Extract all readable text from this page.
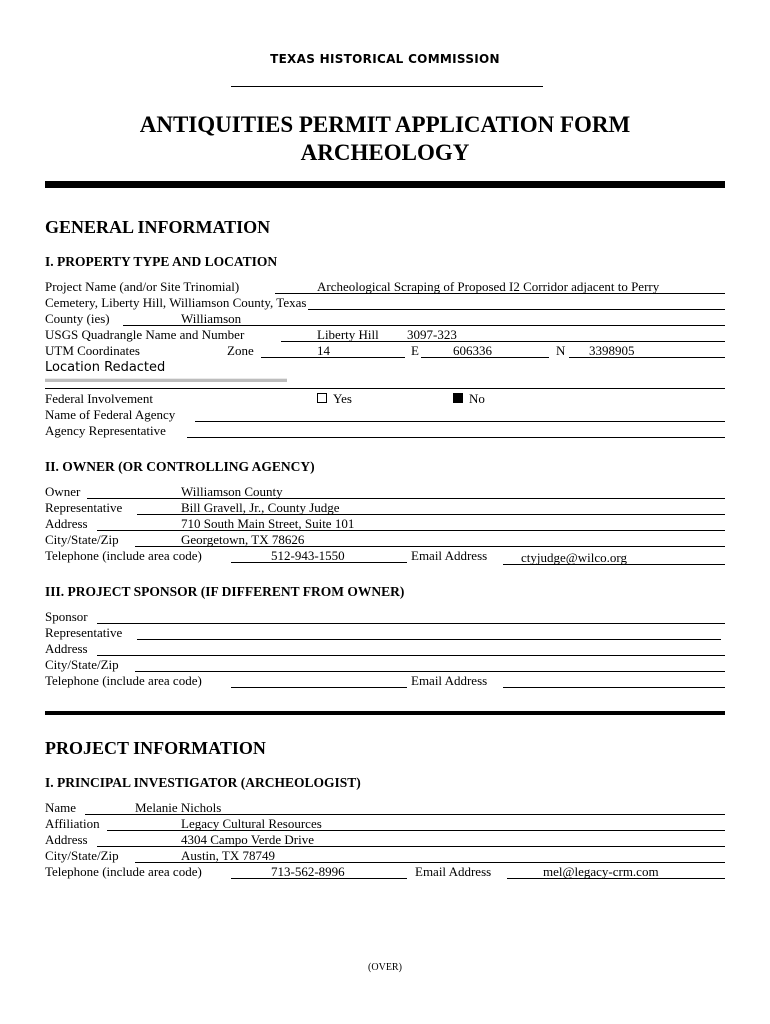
TEXAS HISTORICAL COMMISSION
ANTIQUITIES PERMIT APPLICATION FORM
ARCHEOLOGY
GENERAL INFORMATION
I. PROPERTY TYPE AND LOCATION
Project Name (and/or Site Trinomial)	Archeological Scraping of Proposed I2 Corridor adjacent to Perry
Cemetery, Liberty Hill, Williamson County, Texas
County (ies)	Williamson
USGS Quadrangle Name and Number	Liberty Hill 3097-323
UTM Coordinates	Zone	14	E	606336	N 3398905
Location Redacted
▬▬▬▬▬▬▬▬▬▬▬▬▬▬▬▬▬▬▬▬▬▬
Federal Involvement	Yes	No
Name of Federal Agency
Agency Representative
II. OWNER (OR CONTROLLING AGENCY)
Owner	Williamson County
Representative	Bill Gravell, Jr., County Judge
Address	710 South Main Street, Suite 101
City/State/Zip	Georgetown, TX 78626
Telephone (include area code)	512-943-1550	Email Address	ctyjudge@wilco.org
III. PROJECT SPONSOR (IF DIFFERENT FROM OWNER)
Sponsor
Representative
Address
City/State/Zip
Telephone (include area code)	Email Address
PROJECT INFORMATION
I. PRINCIPAL INVESTIGATOR (ARCHEOLOGIST)
Name	Melanie Nichols
Affiliation	Legacy Cultural Resources
Address	4304 Campo Verde Drive
City/State/Zip	Austin, TX 78749
Telephone (include area code)	713-562-8996	Email Address	mel@legacy-crm.com
(OVER)
